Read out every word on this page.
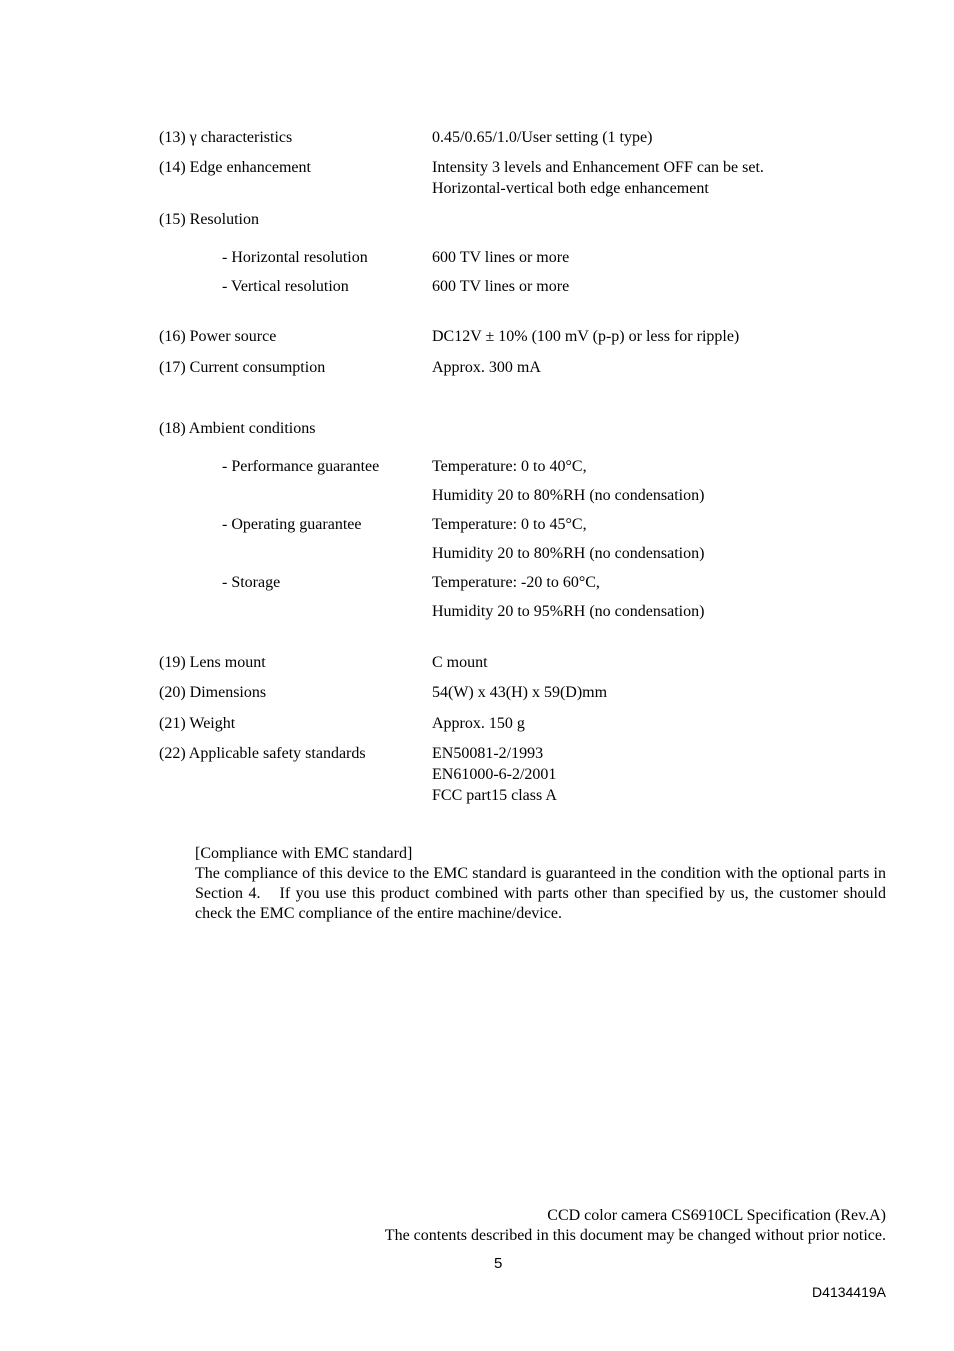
(13) γ characteristics	0.45/0.65/1.0/User setting (1 type)
(14) Edge enhancement	Intensity 3 levels and Enhancement OFF can be set.
Horizontal-vertical both edge enhancement
(15) Resolution
- Horizontal resolution	600 TV lines or more
- Vertical resolution	600 TV lines or more
(16) Power source	DC12V ± 10% (100 mV (p-p) or less for ripple)
(17) Current consumption	Approx. 300 mA
(18) Ambient conditions
- Performance guarantee	Temperature: 0 to 40°C,
Humidity 20 to 80%RH (no condensation)
- Operating guarantee	Temperature: 0 to 45°C,
Humidity 20 to 80%RH (no condensation)
- Storage	Temperature: -20 to 60°C,
Humidity 20 to 95%RH (no condensation)
(19) Lens mount	C mount
(20) Dimensions	54(W) x 43(H) x 59(D)mm
(21) Weight	Approx. 150 g
(22) Applicable safety standards	EN50081-2/1993
EN61000-6-2/2001
FCC part15 class A

[Compliance with EMC standard]

The compliance of this device to the EMC standard is guaranteed in the condition with the optional parts in Section 4.　If you use this product combined with parts other than specified by us, the customer should check the EMC compliance of the entire machine/device.

CCD color camera CS6910CL Specification (Rev.A)
The contents described in this document may be changed without prior notice.
5
D4134419A
